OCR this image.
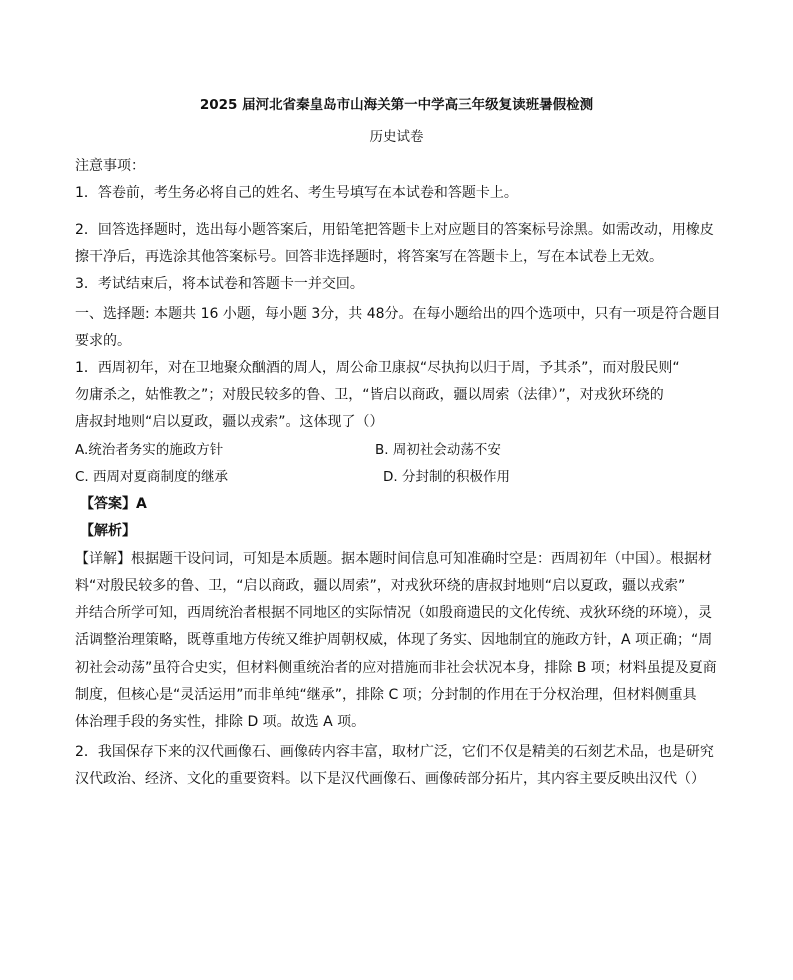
2025 届河北省秦皇岛市山海关第一中学高三年级复读班暑假检测
历史试卷
注意事项：
1．答卷前，考生务必将自己的姓名、考生号填写在本试卷和答题卡上。
2．回答选择题时，选出每小题答案后，用铅笔把答题卡上对应题目的答案标号涂黑。如需改动，用橡皮
擦干净后，再选涂其他答案标号。回答非选择题时，将答案写在答题卡上，写在本试卷上无效。
3．考试结束后，将本试卷和答题卡一并交回。
一、选择题: 本题共 16 小题，每小题 3分，共 48分。在每小题给出的四个选项中，只有一项是符合题目
要求的。
1．西周初年，对在卫地聚众酗酒的周人，周公命卫康叔“尽执拘以归于周，予其杀”，而对殷民则“
勿庸杀之，姑惟教之”；对殷民较多的鲁、卫，“皆启以商政，疆以周索（法律）”，对戎狄环绕的
唐叔封地则“启以夏政，疆以戎索”。这体现了（）
A.统治者务实的施政方针	B. 周初社会动荡不安
C. 西周对夏商制度的继承	D. 分封制的积极作用
【答案】A
【解析】
【详解】根据题干设问词，可知是本质题。据本题时间信息可知准确时空是：西周初年（中国）。根据材
料“对殷民较多的鲁、卫，“启以商政，疆以周索”，对戎狄环绕的唐叔封地则“启以夏政，疆以戎索”
并结合所学可知，西周统治者根据不同地区的实际情况（如殷商遗民的文化传统、戎狄环绕的环境），灵
活调整治理策略，既尊重地方传统又维护周朝权威，体现了务实、因地制宜的施政方针，A 项正确；“周
初社会动荡”虽符合史实，但材料侧重统治者的应对措施而非社会状况本身，排除 B 项；材料虽提及夏商
制度，但核心是“灵活运用”而非单纯“继承”，排除 C 项；分封制的作用在于分权治理，但材料侧重具
体治理手段的务实性，排除 D 项。故选 A 项。
2．我国保存下来的汉代画像石、画像砖内容丰富，取材广泛，它们不仅是精美的石刻艺术品，也是研究
汉代政治、经济、文化的重要资料。以下是汉代画像石、画像砖部分拓片，其内容主要反映出汉代（）
